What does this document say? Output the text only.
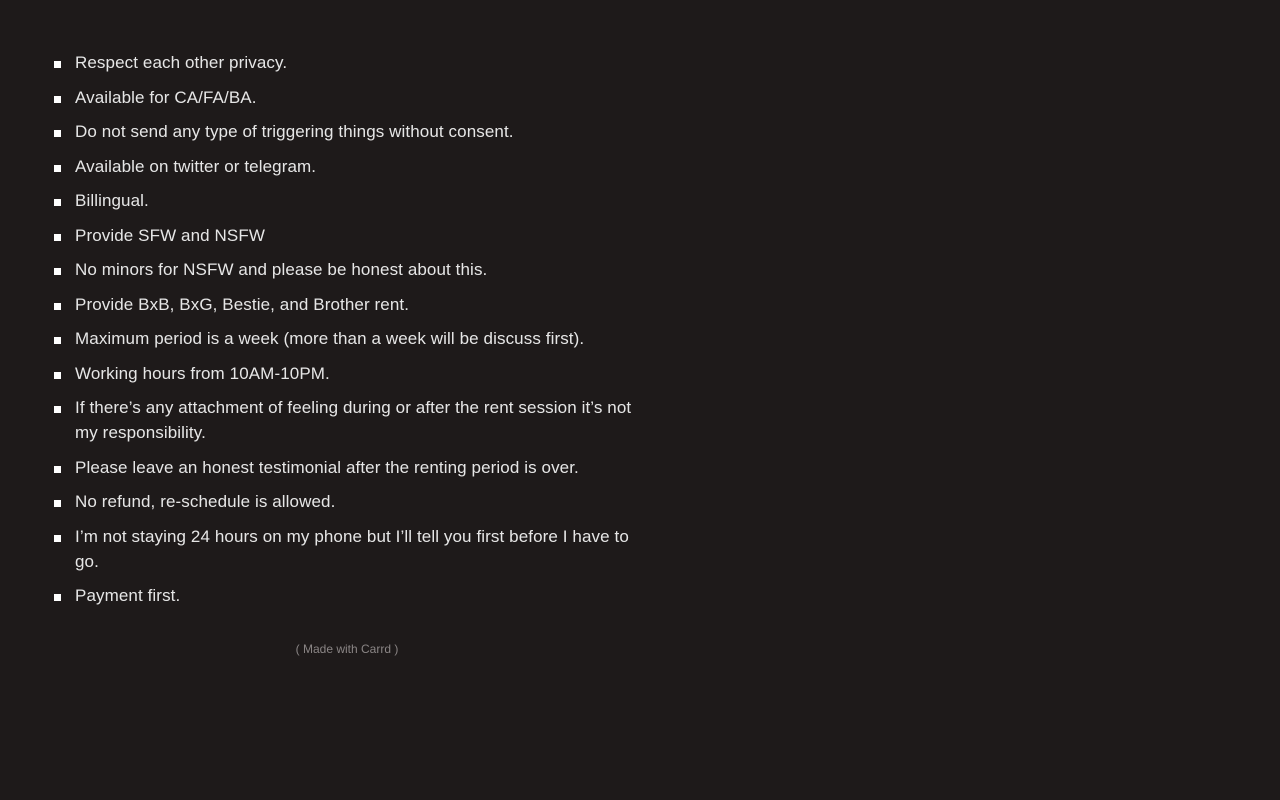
Respect each other privacy.
Available for CA/FA/BA.
Do not send any type of triggering things without consent.
Available on twitter or telegram.
Billingual.
Provide SFW and NSFW
No minors for NSFW and please be honest about this.
Provide BxB, BxG, Bestie, and Brother rent.
Maximum period is a week (more than a week will be discuss first).
Working hours from 10AM-10PM.
If there’s any attachment of feeling during or after the rent session it’s not my responsibility.
Please leave an honest testimonial after the renting period is over.
No refund, re-schedule is allowed.
I’m not staying 24 hours on my phone but I’ll tell you first before I have to go.
Payment first.
( Made with Carrd )
